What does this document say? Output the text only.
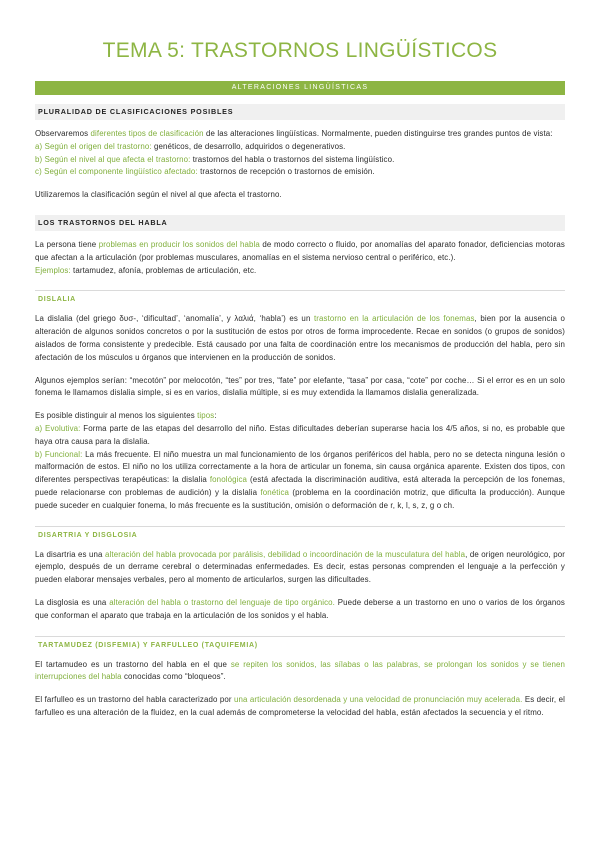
TEMA 5: TRASTORNOS LINGÜÍSTICOS
ALTERACIONES LINGÜÍSTICAS
PLURALIDAD DE CLASIFICACIONES POSIBLES

Observaremos diferentes tipos de clasificación de las alteraciones lingüísticas. Normalmente, pueden distinguirse tres grandes puntos de vista:

a) Según el origen del trastorno: genéticos, de desarrollo, adquiridos o degenerativos.
b) Según el nivel al que afecta el trastorno: trastornos del habla o trastornos del sistema lingüístico.
c) Según el componente lingüístico afectado: trastornos de recepción o trastornos de emisión.

Utilizaremos la clasificación según el nivel al que afecta el trastorno.

LOS TRASTORNOS DEL HABLA

La persona tiene problemas en producir los sonidos del habla de modo correcto o fluido, por anomalías del aparato fonador, deficiencias motoras que afectan a la articulación (por problemas musculares, anomalías en el sistema nervioso central o periférico, etc.).

Ejemplos: tartamudez, afonía, problemas de articulación, etc.
DISLALIA

La dislalia (del griego δυσ-, ‘dificultad’, ‘anomalía’, y λαλιά, ‘habla’) es un trastorno en la articulación de los fonemas, bien por la ausencia o alteración de algunos sonidos concretos o por la sustitución de estos por otros de forma improcedente. Recae en sonidos (o grupos de sonidos) aislados de forma consistente y predecible. Está causado por una falta de coordinación entre los mecanismos de producción del habla, pero sin afectación de los músculos u órganos que intervienen en la producción de sonidos.

Algunos ejemplos serían: “mecotón” por melocotón, “tes” por tres, “fate” por elefante, “tasa” por casa, “cote” por coche… Si el error es en un solo fonema le llamamos dislalia simple, si es en varios, dislalia múltiple, si es muy extendida la llamamos dislalia generalizada.

Es posible distinguir al menos los siguientes tipos:

a) Evolutiva: Forma parte de las etapas del desarrollo del niño. Estas dificultades deberían superarse hacia los 4/5 años, si no, es probable que haya otra causa para la dislalia.
b) Funcional: La más frecuente. El niño muestra un mal funcionamiento de los órganos periféricos del habla, pero no se detecta ninguna lesión o malformación de estos. El niño no los utiliza correctamente a la hora de articular un fonema, sin causa orgánica aparente. Existen dos tipos, con diferentes perspectivas terapéuticas: la dislalia fonológica (está afectada la discriminación auditiva, está alterada la percepción de los fonemas, puede relacionarse con problemas de audición) y la dislalia fonética (problema en la coordinación motriz, que dificulta la producción). Aunque puede suceder en cualquier fonema, lo más frecuente es la sustitución, omisión o deformación de r, k, l, s, z, g o ch.
DISARTRIA Y DISGLOSIA

La disartria es una alteración del habla provocada por parálisis, debilidad o incoordinación de la musculatura del habla, de origen neurológico, por ejemplo, después de un derrame cerebral o determinadas enfermedades. Es decir, estas personas comprenden el lenguaje a la perfección y pueden elaborar mensajes verbales, pero al momento de articularlos, surgen las dificultades.

La disglosia es una alteración del habla o trastorno del lenguaje de tipo orgánico. Puede deberse a un trastorno en uno o varios de los órganos que conforman el aparato que trabaja en la articulación de los sonidos y el habla.

TARTAMUDEZ (DISFEMIA) Y FARFULLEO (TAQUIFEMIA)

El tartamudeo es un trastorno del habla en el que se repiten los sonidos, las sílabas o las palabras, se prolongan los sonidos y se tienen interrupciones del habla conocidas como “bloqueos”.

El farfulleo es un trastorno del habla caracterizado por una articulación desordenada y una velocidad de pronunciación muy acelerada. Es decir, el farfulleo es una alteración de la fluidez, en la cual además de comprometerse la velocidad del habla, están afectados la secuencia y el ritmo.
